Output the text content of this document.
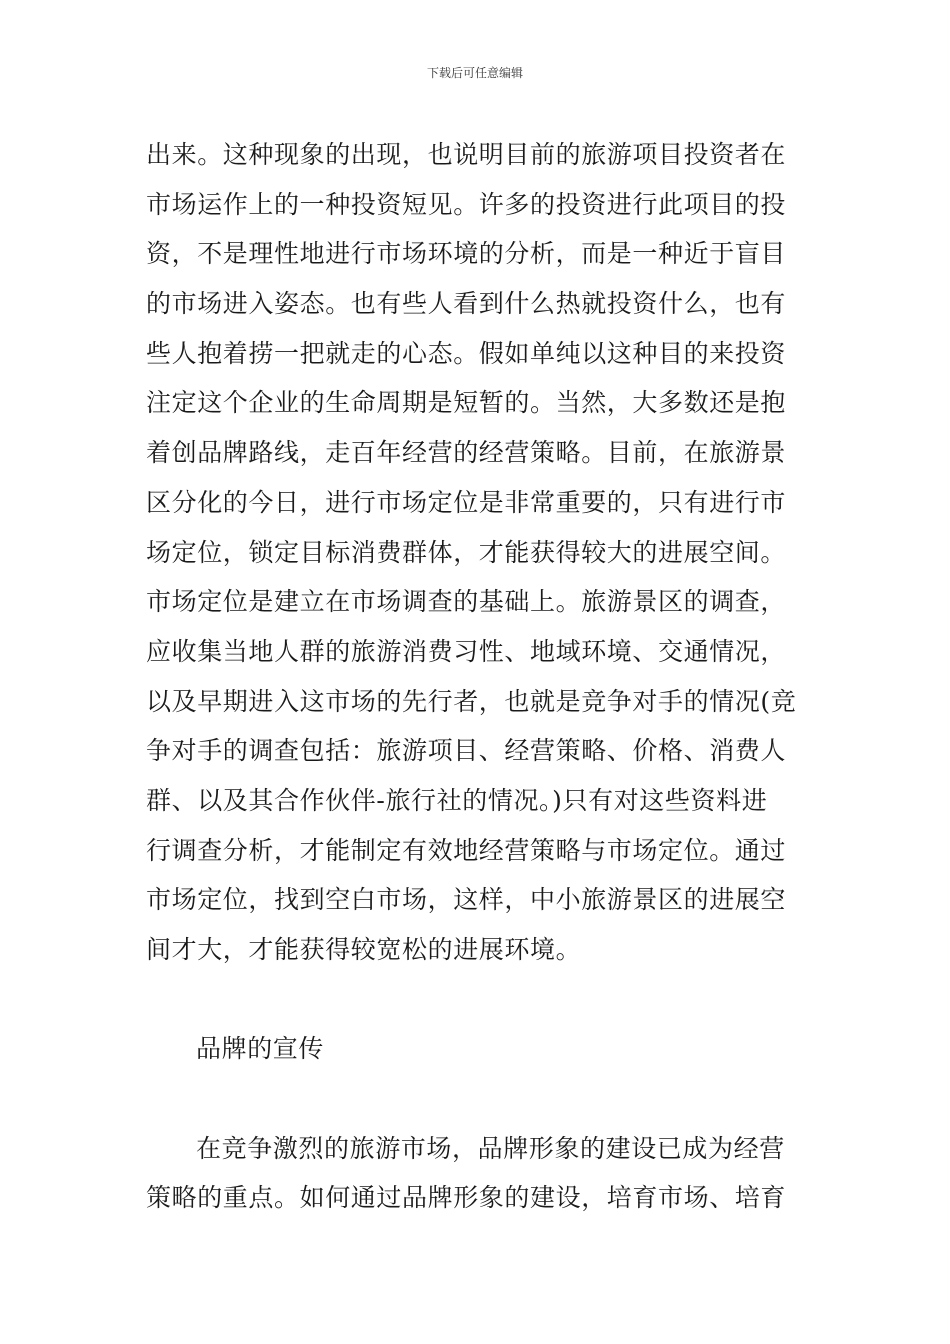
下载后可任意编辑
出来。这种现象的出现，也说明目前的旅游项目投资者在
市场运作上的一种投资短见。许多的投资进行此项目的投
资，不是理性地进行市场环境的分析，而是一种近于盲目
的市场进入姿态。也有些人看到什么热就投资什么，也有
些人抱着捞一把就走的心态。假如单纯以这种目的来投资
注定这个企业的生命周期是短暂的。当然，大多数还是抱
着创品牌路线，走百年经营的经营策略。目前，在旅游景
区分化的今日，进行市场定位是非常重要的，只有进行市
场定位，锁定目标消费群体，才能获得较大的进展空间。
市场定位是建立在市场调查的基础上。旅游景区的调查，
应收集当地人群的旅游消费习性、地域环境、交通情况，
以及早期进入这市场的先行者，也就是竞争对手的情况(竞
争对手的调查包括：旅游项目、经营策略、价格、消费人
群、以及其合作伙伴-旅行社的情况。)只有对这些资料进
行调查分析，才能制定有效地经营策略与市场定位。通过
市场定位，找到空白市场，这样，中小旅游景区的进展空
间才大，才能获得较宽松的进展环境。
品牌的宣传
在竞争激烈的旅游市场，品牌形象的建设已成为经营
策略的重点。如何通过品牌形象的建设，培育市场、培育
